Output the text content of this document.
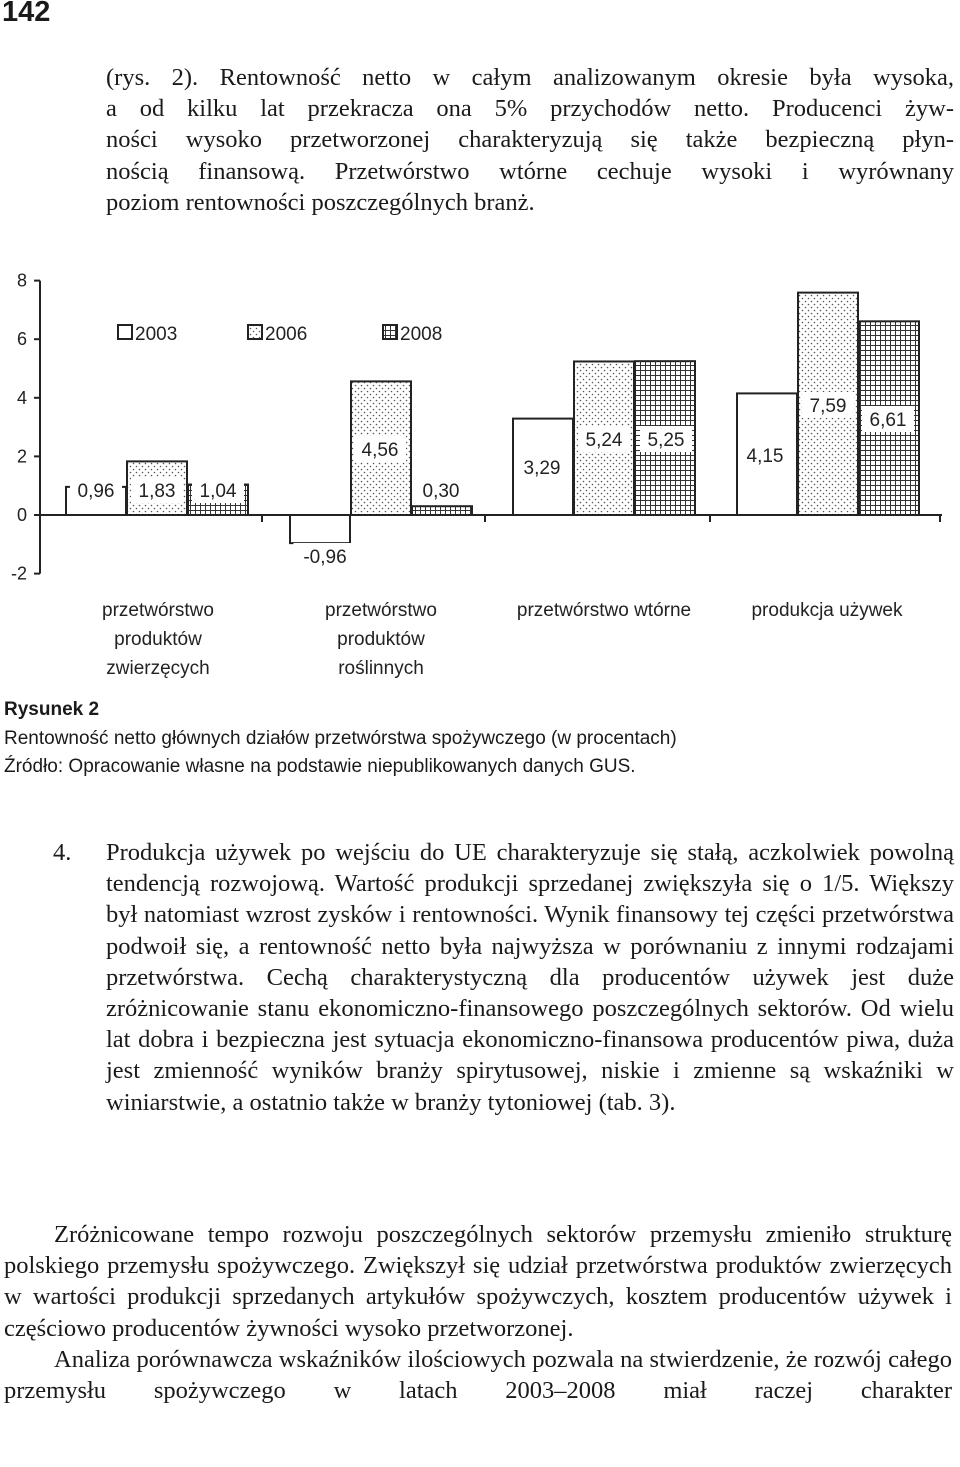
142

(rys. 2). Rentowność netto w całym analizowanym okresie była wysoka,

a od kilku lat przekracza ona 5% przychodów netto. Producenci żyw-

ności wysoko przetworzonej charakteryzują się także bezpieczną płyn-

nością finansową. Przetwórstwo wtórne cechuje wysoki i wyrównany

poziom rentowności poszczególnych branż.

-2
0
2
4
6
8
0,96
-0,96
3,29
4,15
1,83
4,56	5,24
7,59
1,04	0,30
5,25
6,61
przetwórstwo
produktów
zwierzęcych
przetwórstwo
produktów
roślinnych
przetwórstwo wtórne	produkcja używek
2003	2006	2008
Rysunek 2
Rentowność netto głównych działów przetwórstwa spożywczego (w procentach)
Źródło: Opracowanie własne na podstawie niepublikowanych danych GUS.
4. Produkcja używek po wejściu do UE charakteryzuje się stałą, aczkolwiek powolną tendencją rozwojową. Wartość produkcji sprzedanej zwiększyła się o 1/5. Większy był natomiast wzrost zysków i rentowności. Wynik finansowy tej części przetwórstwa podwoił się, a rentowność netto była najwyższa w porównaniu z innymi rodzajami przetwórstwa. Cechą charakterystyczną dla producentów używek jest duże zróżnicowanie stanu ekonomiczno-finansowego poszczególnych sektorów. Od wielu lat dobra i bezpieczna jest sytuacja ekonomiczno-finansowa producentów piwa, duża jest zmienność wyników branży spirytusowej, niskie i zmienne są wskaźniki w winiarstwie, a ostatnio także w branży tytoniowej (tab. 3).

Zróżnicowane tempo rozwoju poszczególnych sektorów przemysłu zmieniło strukturę polskiego przemysłu spożywczego. Zwiększył się udział przetwórstwa produktów zwierzęcych w wartości produkcji sprzedanych artykułów spożywczych, kosztem producentów używek i częściowo producentów żywności wysoko przetworzonej.

Analiza porównawcza wskaźników ilościowych pozwala na stwierdzenie, że rozwój całego przemysłu spożywczego w latach 2003–2008 miał raczej charakter
